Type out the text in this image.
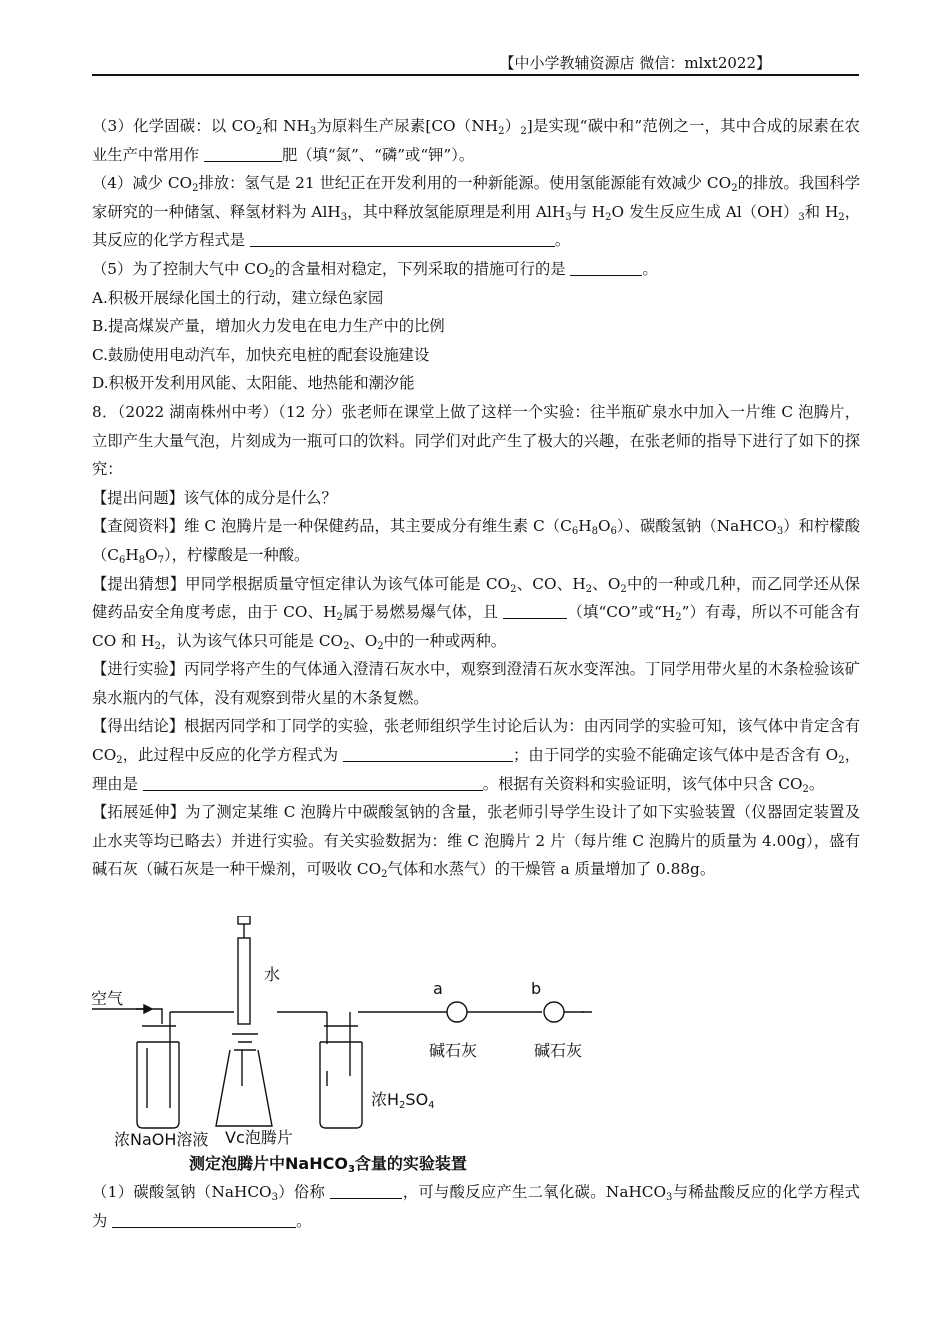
【中小学教辅资源店 微信：mlxt2022】

（3）化学固碳：以 $CO_2$和 $NH_3$为原料生产尿素$[CO(NH_2)_2]$是实现“碳中和”范例之一，其中合成的尿素在农业生产中常用作	肥（填“氮”、“磷”或“钾”）。

（4）减少 $CO_2$排放：氢气是 21 世纪正在开发利用的一种新能源。使用氢能源能有效减少 $CO_2$的排放。我国科学家研究的一种储氢、释氢材料为 AlH$_3$，其中释放氢能原理是利用 AlH$_3$与 $H_2O$ 发生反应生成 $Al(OH)_3$和 $H_2$，其反应的化学方程式是	。

（5）为了控制大气中 $CO_2$的含量相对稳定，下列采取的措施可行的是	。

A.积极开展绿化国土的行动，建立绿色家园

B.提高煤炭产量，增加火力发电在电力生产中的比例

C.鼓励使用电动汽车，加快充电桩的配套设施建设

D.积极开发利用风能、太阳能、地热能和潮汐能

8．（2022 湖南株州中考）（12 分）张老师在课堂上做了这样一个实验：往半瓶矿泉水中加入一片维 C 泡腾片，立即产生大量气泡，片刻成为一瓶可口的饮料。同学们对此产生了极大的兴趣，在张老师的指导下进行了如下的探究：

【提出问题】该气体的成分是什么？

【查阅资料】维 C 泡腾片是一种保健药品，其主要成分有维生素 $C(C_6H_8O_6)$、碳酸氢钠（NaHCO$_3$）和柠檬酸$(C_6H_8O_7)$，柠檬酸是一种酸。

【提出猜想】甲同学根据质量守恒定律认为该气体可能是 $CO_2$、CO、$H_2$、$O_2$中的一种或几种，而乙同学还从保健药品安全角度考虑，由于 CO、$H_2$属于易燃易爆气体，且	（填“CO”或“$H_2$”）有毒，所以不可能含有 CO 和 $H_2$，认为该气体只可能是 $CO_2$、$O_2$中的一种或两种。

【进行实验】丙同学将产生的气体通入澄清石灰水中，观察到澄清石灰水变浑浊。丁同学用带火星的木条检验该矿泉水瓶内的气体，没有观察到带火星的木条复燃。

【得出结论】根据丙同学和丁同学的实验，张老师组织学生讨论后认为：由丙同学的实验可知，该气体中肯定含有 $CO_2$，此过程中反应的化学方程式为	；由于同学的实验不能确定该气体中是否含有 $O_2$，理由是	。根据有关资料和实验证明，该气体中只含 $CO_2$。

【拓展延伸】为了测定某维 C 泡腾片中碳酸氢钠的含量，张老师引导学生设计了如下实验装置（仪器固定装置及止水夹等均已略去）并进行实验。有关实验数据为：维 C 泡腾片 2 片（每片维 C 泡腾片的质量为 4.00g），盛有碱石灰（碱石灰是一种干燥剂，可吸收 $CO_2$气体和水蒸气）的干燥管 a 质量增加了 0.88g。

空气
水
a	b
碱石灰	碱石灰
浓NaOH溶液 Vc泡腾片
浓H2SO4
测定泡腾片中NaHCO$_3$含量的实验装置

（1）碳酸氢钠（NaHCO$_3$）俗称	，可与酸反应产生二氧化碳。NaHCO$_3$与稀盐酸反应的化学方程式为	。
